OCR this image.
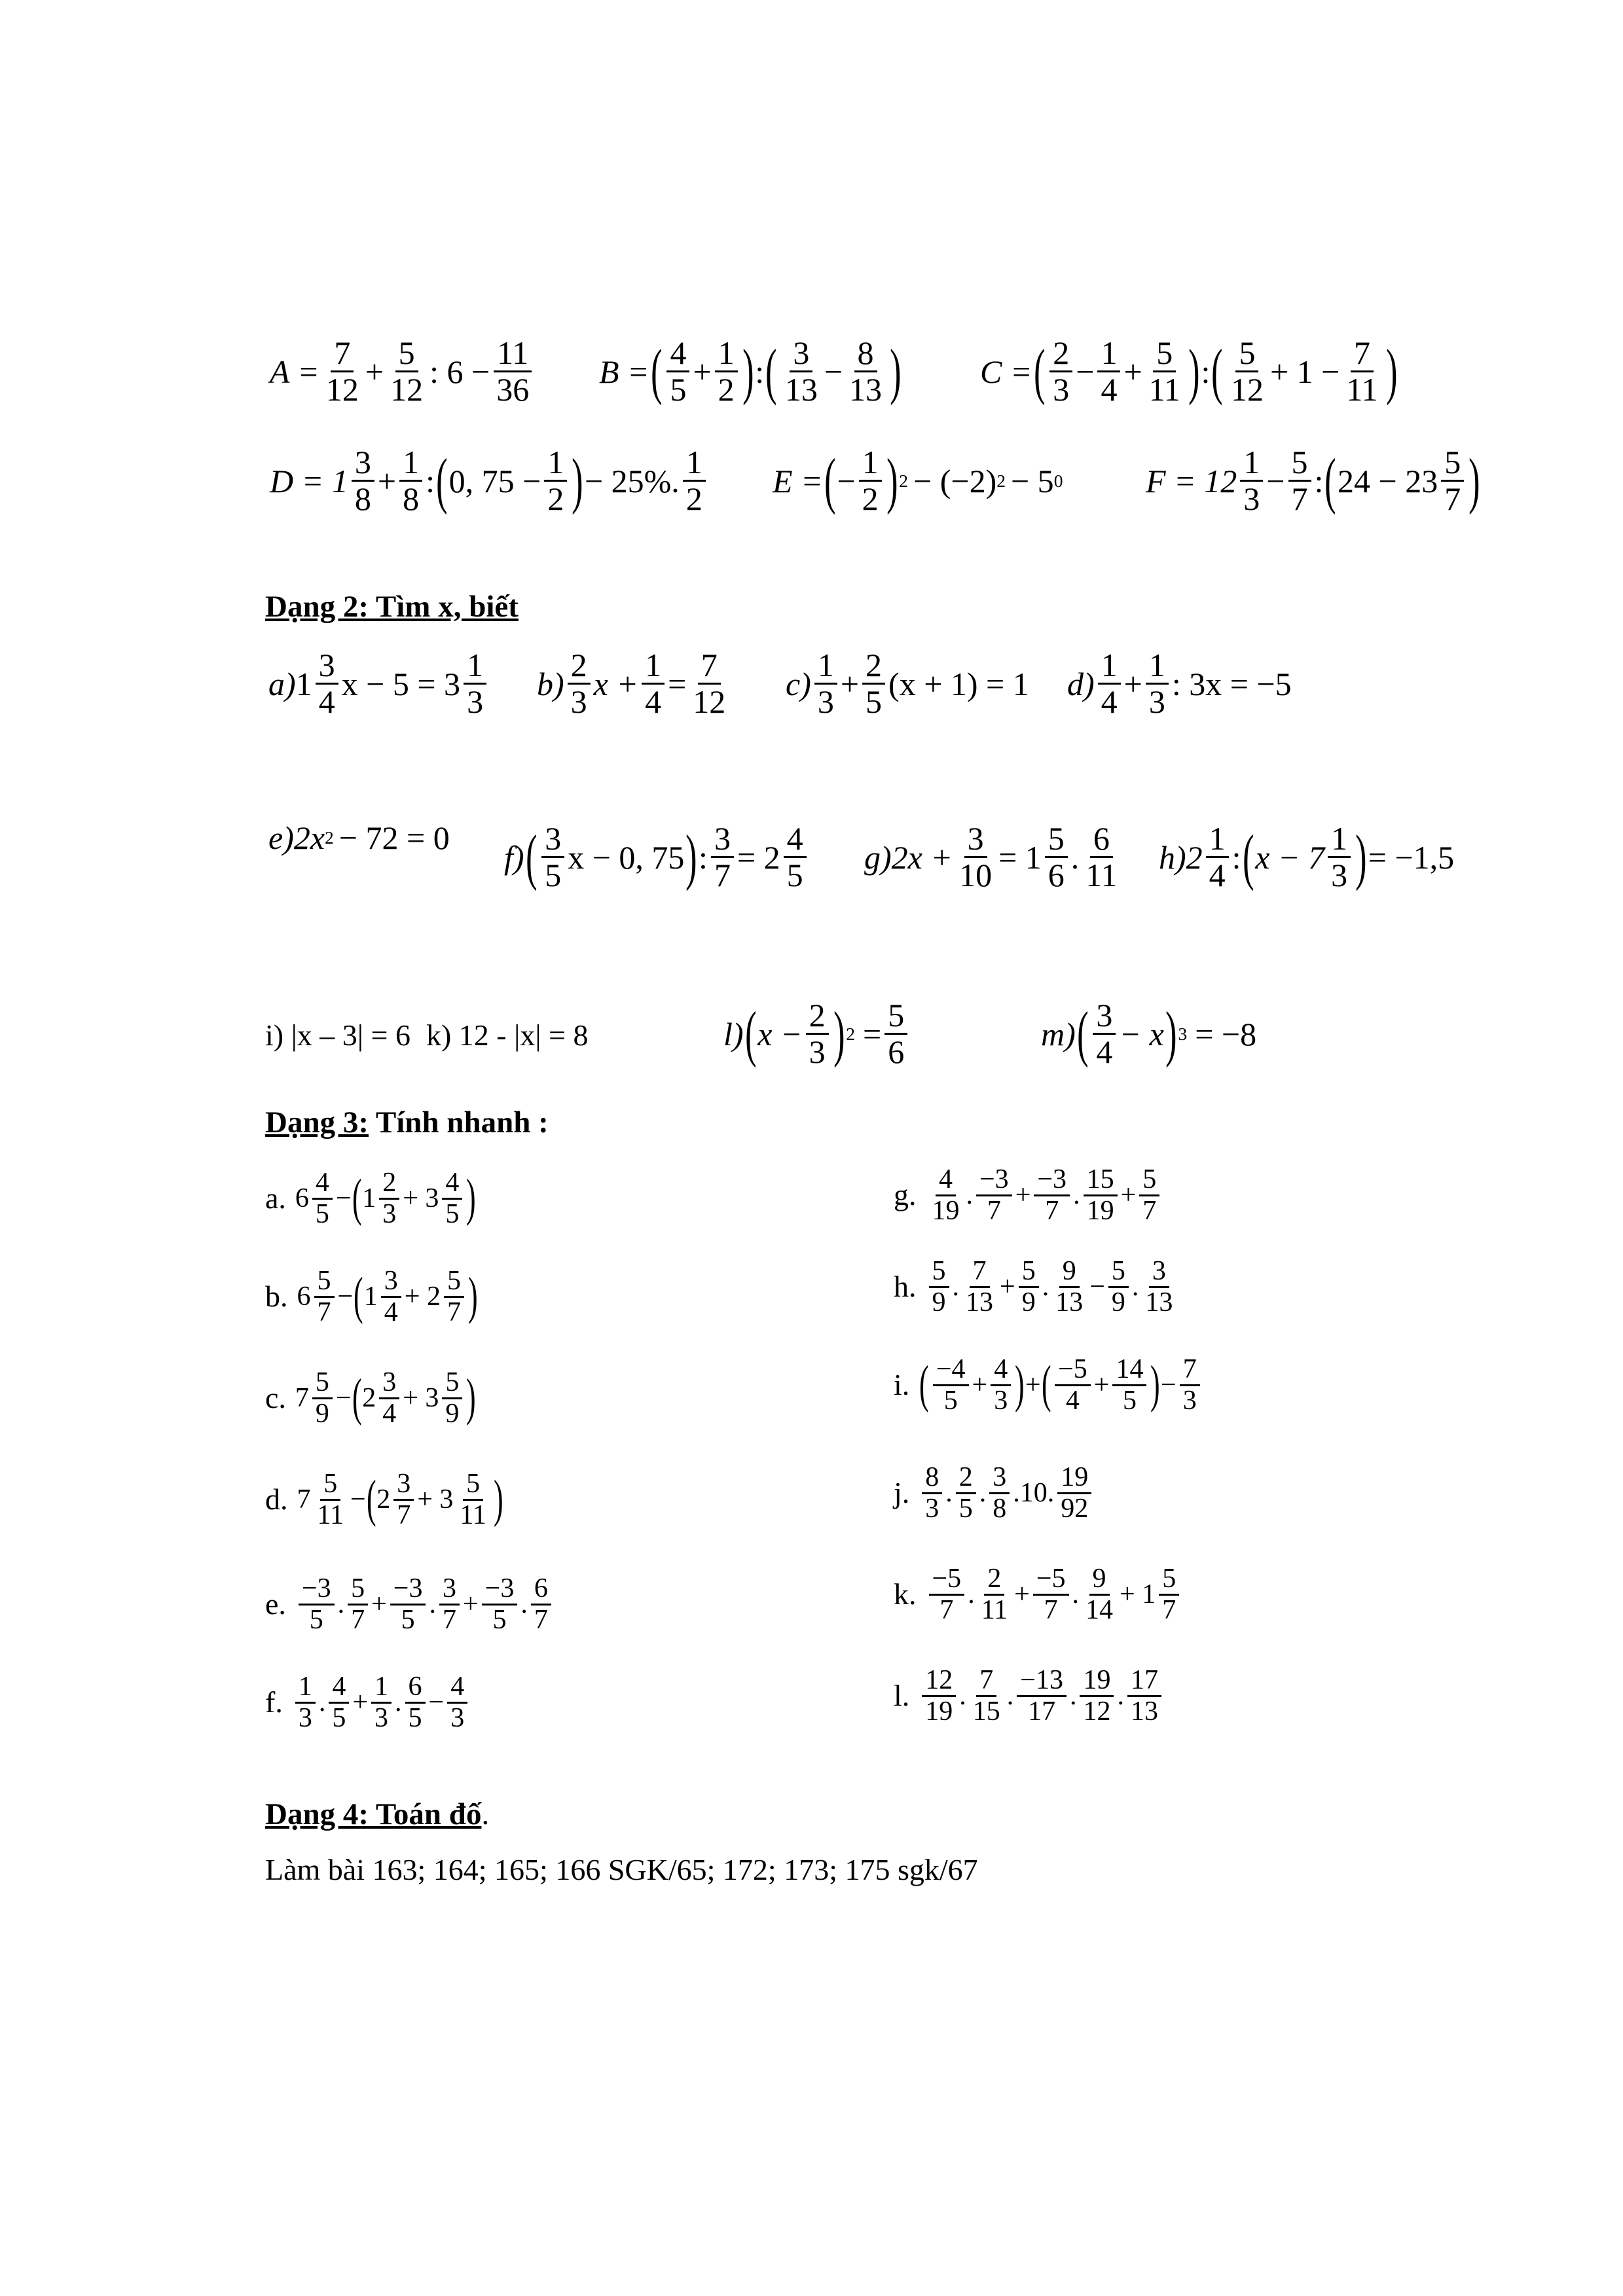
$A = \frac{7}{12} + \frac{5}{12}$ : $6 - \frac{11}{36}$ B = ( 4
$5 + \frac{1}{2}$ ) : ( 3
$13 - \frac{8}{13}$ ) C = ( 2
$3 - \frac{1}{4} + \frac{5}{11}$ ) : ( 5
$12 + 1 - \frac{7}{11}$ )
D = 1
3
$8 + \frac{1}{8}$ : ( 0, $75 - \frac{1}{2}$ ) − 25%.
1
2 E = ( − $\frac{1}{2}$ ) 2 − (−2) 2 − 5 0	F = 12
1
$3 - \frac{5}{7}$ : ( 24 − 23
5
7 )
Dạng 2: Tìm x, biết
a) 1
3
4 x − 5 = 3
1
3 b)
2
3 $x + \frac{1}{4} = \frac{7}{12} c$)
1
$3 + \frac{2}{5} (x + 1) = 1$ d)
1
$4 + \frac{1}{3}$ : 3x = −5
e)2x 2 − 72 = 0
f) ( 3
5 x − 0, 75 ) : $\frac{3}{7} = 2$
4
5 $g)2x + \frac{3}{10} = 1$
5
6 .
6
11 h)2
1
4 : ( x − 7
1
3 ) = −1,5
i) |x – 3| = 6 k) 12 - |x| = 8	l) ( $x - \frac{2}{3}$ ) $2 = \frac{5}{6}$	m) ( 3
4 − x ) 3 = −8
Dạng 3: Tính nhanh :
a. 6
4
5
− ( 1
2
3
+ 3
4
5 )
b. 6
5
7
− ( 1
3
4
+ 2
5
7 )
c. 7
5
9
− ( 2
3
4
+ 3
5
9 )
d. 7
5
11
− ( 2
3
7
+ 3
5
11 )
e. −3
5
.
5
7
+ $\frac{-3}{5}$ .
3
7
+ $\frac{-3}{5}$ .
6
7
f. 1
3
.
4
5
+ $\frac{1}{3}$ .
6
5
− $\frac{4}{3}$
g. 4
19
.
−3
7
+ $\frac{-3}{7}$ .
15
19
+ $\frac{5}{7}$
h. 5
9
.
7
13
+ $\frac{5}{9}$ .
9
13
− $\frac{5}{9}$ .
3
13
i. ( −4
5
+ $\frac{4}{3}$ ) + ( −5
4
+ $\frac{14}{5}$ ) − $\frac{7}{3}$
j. 8
3
.
2
5
.
3
8
.10.
19
92
k. −5
7
.
2
11
+ $\frac{-5}{7}$ .
9
14
+ 1
5
7
l. 12
19
.
7
15
.
−13
17
.
19
12
.
17
13
Dạng 4: Toán đố.
Làm bài 163; 164; 165; 166 SGK/65; 172; 173; 175 sgk/67
